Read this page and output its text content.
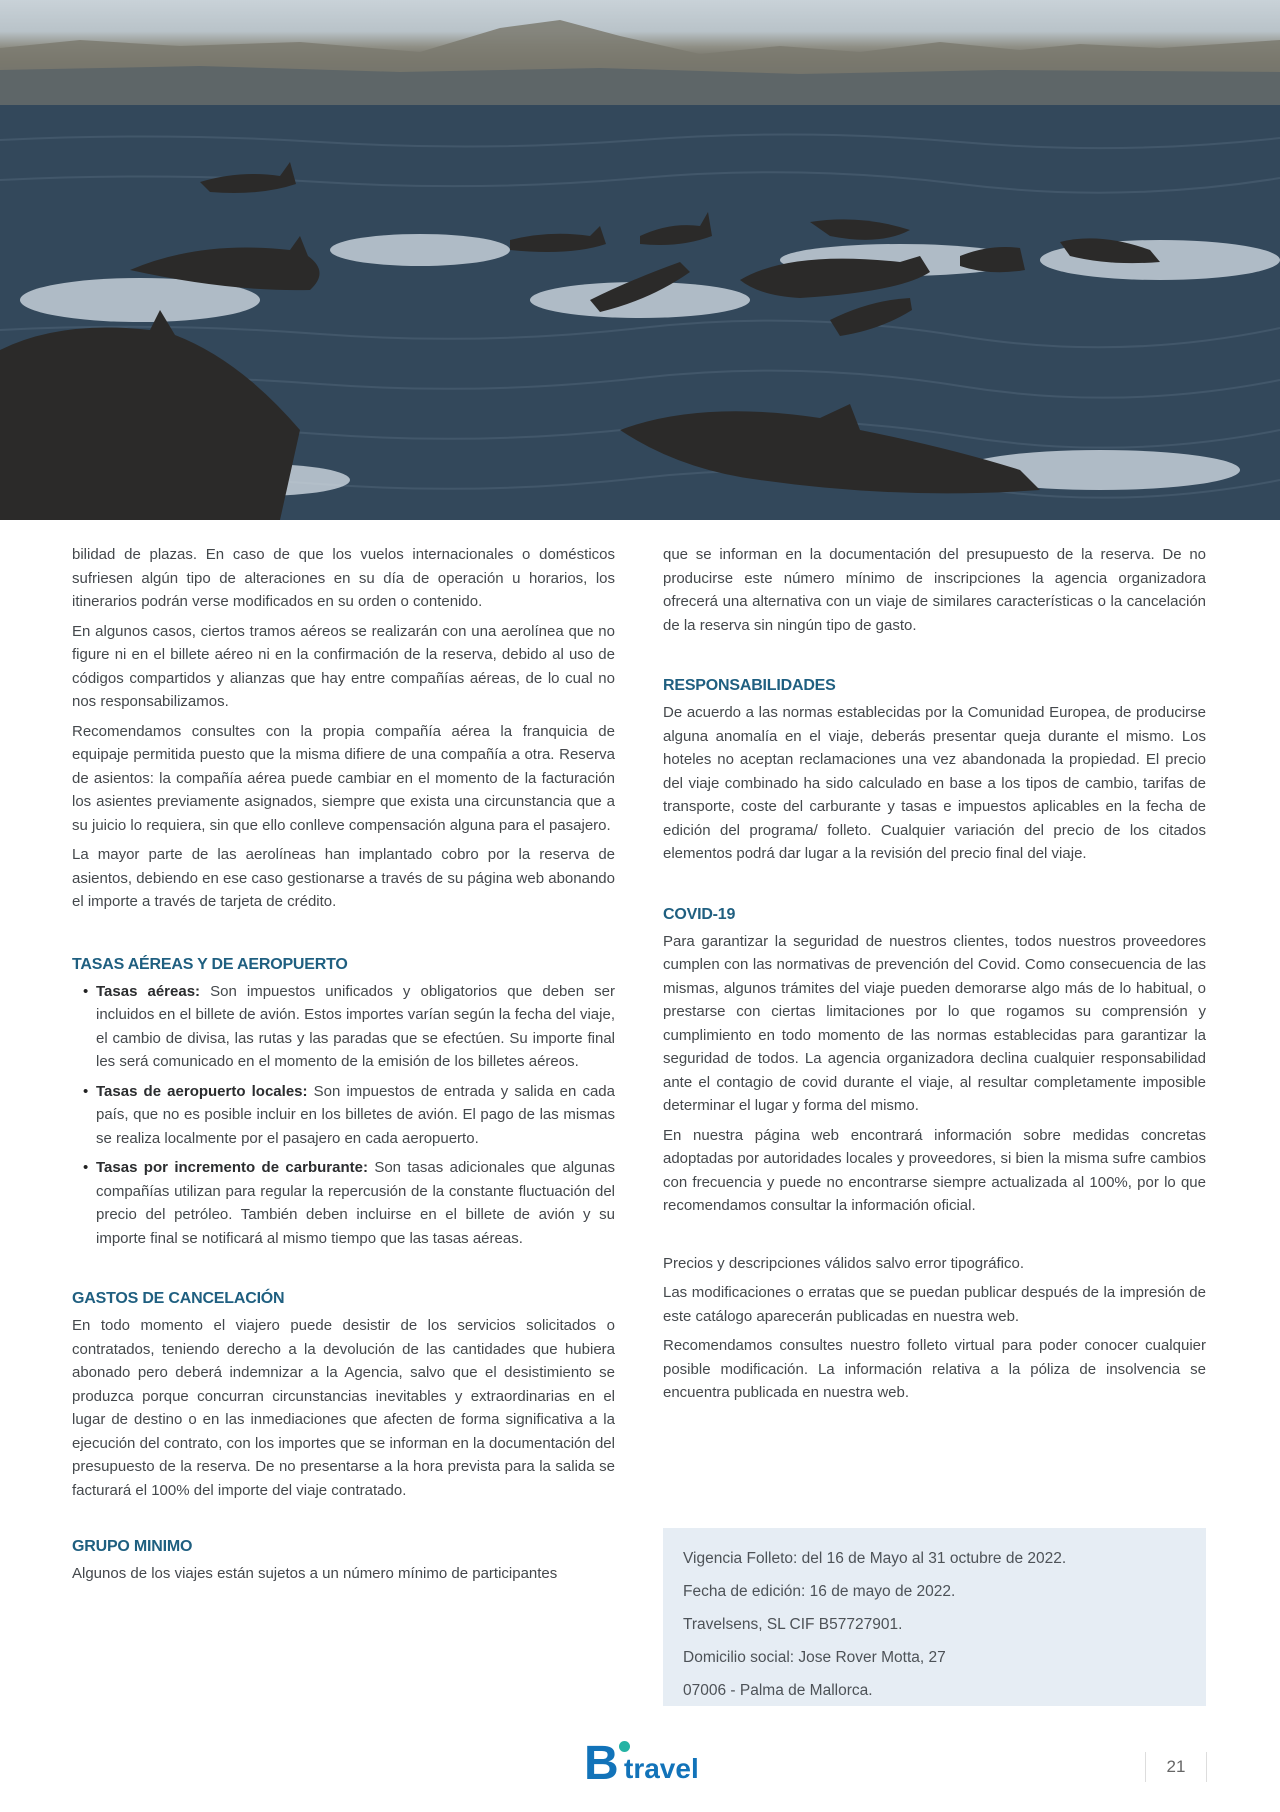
bilidad de plazas. En caso de que los vuelos internacionales o domésticos sufriesen algún tipo de alteraciones en su día de operación u horarios, los itinerarios podrán verse modificados en su orden o contenido.

En algunos casos, ciertos tramos aéreos se realizarán con una aerolínea que no figure ni en el billete aéreo ni en la confirmación de la reserva, debido al uso de códigos compartidos y alianzas que hay entre compañías aéreas, de lo cual no nos responsabilizamos.

Recomendamos consultes con la propia compañía aérea la franquicia de equipaje permitida puesto que la misma difiere de una compañía a otra. Reserva de asientos: la compañía aérea puede cambiar en el momento de la facturación los asientes previamente asignados, siempre que exista una circunstancia que a su juicio lo requiera, sin que ello conlleve compensación alguna para el pasajero.

La mayor parte de las aerolíneas han implantado cobro por la reserva de asientos, debiendo en ese caso gestionarse a través de su página web abonando el importe a través de tarjeta de crédito.

TASAS AÉREAS Y DE AEROPUERTO
• Tasas aéreas: Son impuestos unificados y obligatorios que deben ser incluidos en el billete de avión. Estos importes varían según la fecha del viaje, el cambio de divisa, las rutas y las paradas que se efectúen. Su importe final les será comunicado en el momento de la emisión de los billetes aéreos.
• Tasas de aeropuerto locales: Son impuestos de entrada y salida en cada país, que no es posible incluir en los billetes de avión. El pago de las mismas se realiza localmente por el pasajero en cada aeropuerto.
• Tasas por incremento de carburante: Son tasas adicionales que algunas compañías utilizan para regular la repercusión de la constante fluctuación del precio del petróleo. También deben incluirse en el billete de avión y su importe final se notificará al mismo tiempo que las tasas aéreas.
GASTOS DE CANCELACIÓN

En todo momento el viajero puede desistir de los servicios solicitados o contratados, teniendo derecho a la devolución de las cantidades que hubiera abonado pero deberá indemnizar a la Agencia, salvo que el desistimiento se produzca porque concurran circunstancias inevitables y extraordinarias en el lugar de destino o en las inmediaciones que afecten de forma significativa a la ejecución del contrato, con los importes que se informan en la documentación del presupuesto de la reserva. De no presentarse a la hora prevista para la salida se facturará el 100% del importe del viaje contratado.

GRUPO MINIMO

Algunos de los viajes están sujetos a un número mínimo de participantes

que se informan en la documentación del presupuesto de la reserva. De no producirse este número mínimo de inscripciones la agencia organizadora ofrecerá una alternativa con un viaje de similares características o la cancelación de la reserva sin ningún tipo de gasto.

RESPONSABILIDADES

De acuerdo a las normas establecidas por la Comunidad Europea, de producirse alguna anomalía en el viaje, deberás presentar queja durante el mismo. Los hoteles no aceptan reclamaciones una vez abandonada la propiedad. El precio del viaje combinado ha sido calculado en base a los tipos de cambio, tarifas de transporte, coste del carburante y tasas e impuestos aplicables en la fecha de edición del programa/ folleto. Cualquier variación del precio de los citados elementos podrá dar lugar a la revisión del precio final del viaje.

COVID-19

Para garantizar la seguridad de nuestros clientes, todos nuestros proveedores cumplen con las normativas de prevención del Covid. Como consecuencia de las mismas, algunos trámites del viaje pueden demorarse algo más de lo habitual, o prestarse con ciertas limitaciones por lo que rogamos su comprensión y cumplimiento en todo momento de las normas establecidas para garantizar la seguridad de todos. La agencia organizadora declina cualquier responsabilidad ante el contagio de covid durante el viaje, al resultar completamente imposible determinar el lugar y forma del mismo.

En nuestra página web encontrará información sobre medidas concretas adoptadas por autoridades locales y proveedores, si bien la misma sufre cambios con frecuencia y puede no encontrarse siempre actualizada al 100%, por lo que recomendamos consultar la información oficial.

Precios y descripciones válidos salvo error tipográfico.

Las modificaciones o erratas que se puedan publicar después de la impresión de este catálogo aparecerán publicadas en nuestra web.

Recomendamos consultes nuestro folleto virtual para poder conocer cualquier posible modificación. La información relativa a la póliza de insolvencia se encuentra publicada en nuestra web.

Vigencia Folleto: del 16 de Mayo al 31 octubre de 2022.
Fecha de edición: 16 de mayo de 2022.
Travelsens, SL CIF B57727901.
Domicilio social: Jose Rover Motta, 27
07006 - Palma de Mallorca.
B travel	21
